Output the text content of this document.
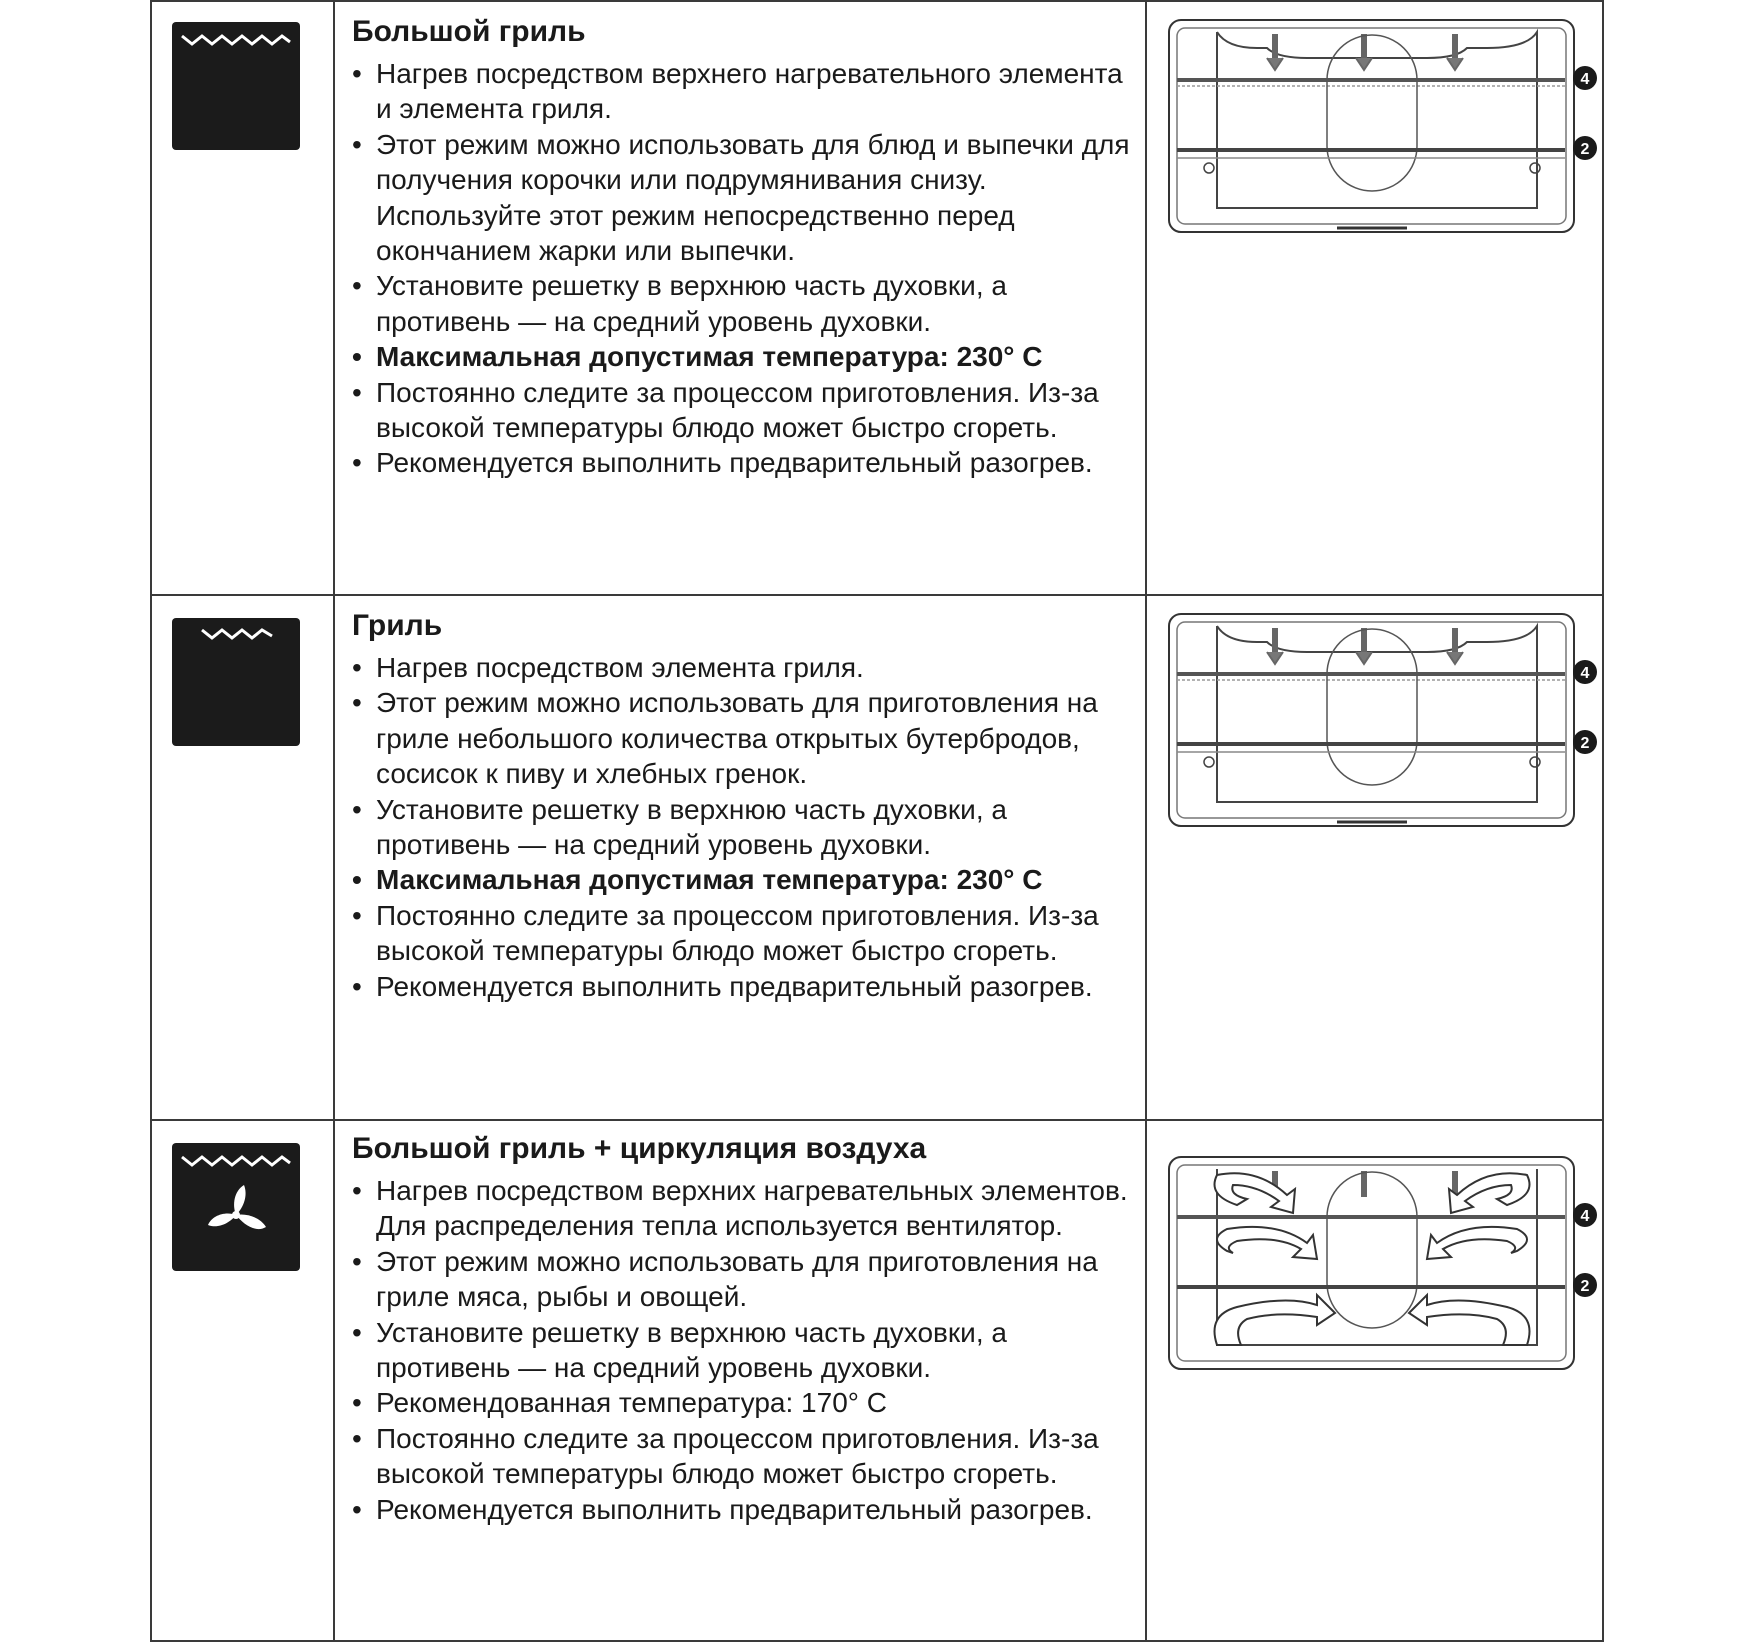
Большой гриль
• Нагрев посредством верхнего нагревательного элемента и элемента гриля.
• Этот режим можно использовать для блюд и выпечки для получения корочки или подрумянивания снизу. Используйте этот режим непосредственно перед окончанием жарки или выпечки.
• Установите решетку в верхнюю часть духовки, а противень — на средний уровень духовки.
• Максимальная допустимая температура: 230° С
• Постоянно следите за процессом приготовления. Из-за высокой температуры блюдо может быстро сгореть.
• Рекомендуется выполнить предварительный разогрев.
4
2
Гриль
• Нагрев посредством элемента гриля.
• Этот режим можно использовать для приготовления на гриле небольшого количества открытых бутербродов, сосисок к пиву и хлебных гренок.
• Установите решетку в верхнюю часть духовки, а противень — на средний уровень духовки.
• Максимальная допустимая температура: 230° С
• Постоянно следите за процессом приготовления. Из-за высокой температуры блюдо может быстро сгореть.
• Рекомендуется выполнить предварительный разогрев.
4
2
Большой гриль + циркуляция воздуха
• Нагрев посредством верхних нагревательных элементов. Для распределения тепла используется вентилятор.
• Этот режим можно использовать для приготовления на гриле мяса, рыбы и овощей.
• Установите решетку в верхнюю часть духовки, а противень — на средний уровень духовки.
• Рекомендованная температура: 170° С
• Постоянно следите за процессом приготовления. Из-за высокой температуры блюдо может быстро сгореть.
• Рекомендуется выполнить предварительный разогрев.
4
2
